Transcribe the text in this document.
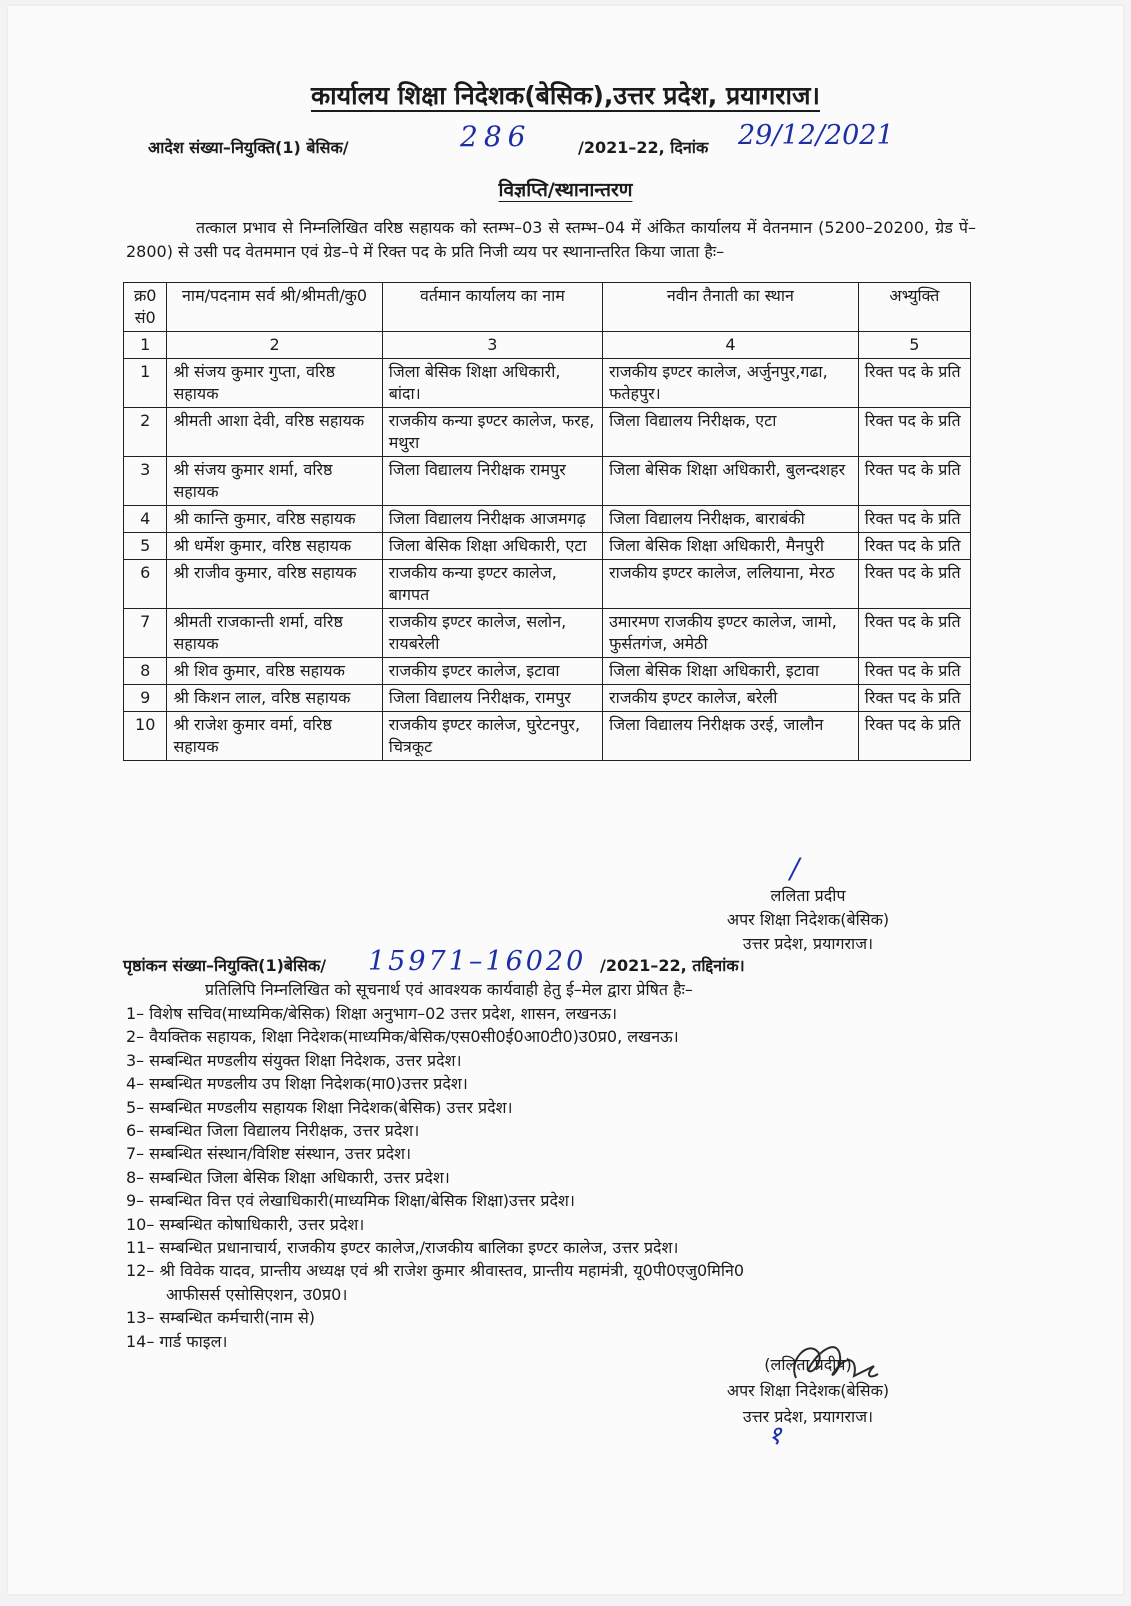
कार्यालय शिक्षा निदेशक(बेसिक),उत्तर प्रदेश, प्रयागराज।
आदेश संख्या–नियुक्ति(1) बेसिक/	286	/2021–22, दिनांक 29/12/2021
विज्ञप्ति/स्थानान्तरण
तत्काल प्रभाव से निम्नलिखित वरिष्ठ सहायक को स्तम्भ–03 से स्तम्भ–04 में अंकित कार्यालय में वेतनमान (5200–20200, ग्रेड पें–2800) से उसी पद वेतममान एवं ग्रेड–पे में रिक्त पद के प्रति निजी व्यय पर स्थानान्तरित किया जाता हैः–
क्र0 सं0	नाम/पदनाम सर्व श्री/श्रीमती/कु0	वर्तमान कार्यालय का नाम	नवीन तैनाती का स्थान	अभ्युक्ति
1	2	3	4	5
1	श्री संजय कुमार गुप्ता, वरिष्ठ सहायक	जिला बेसिक शिक्षा अधिकारी, बांदा।	राजकीय इण्टर कालेज, अर्जुनपुर,गढा, फतेहपुर।	रिक्त पद के प्रति
2	श्रीमती आशा देवी, वरिष्ठ सहायक	राजकीय कन्या इण्टर कालेज, फरह, मथुरा	जिला विद्यालय निरीक्षक, एटा	रिक्त पद के प्रति
3	श्री संजय कुमार शर्मा, वरिष्ठ सहायक	जिला विद्यालय निरीक्षक रामपुर	जिला बेसिक शिक्षा अधिकारी, बुलन्दशहर	रिक्त पद के प्रति
4	श्री कान्ति कुमार, वरिष्ठ सहायक	जिला विद्यालय निरीक्षक आजमगढ़	जिला विद्यालय निरीक्षक, बाराबंकी	रिक्त पद के प्रति
5	श्री धर्मेश कुमार, वरिष्ठ सहायक	जिला बेसिक शिक्षा अधिकारी, एटा	जिला बेसिक शिक्षा अधिकारी, मैनपुरी	रिक्त पद के प्रति
6	श्री राजीव कुमार, वरिष्ठ सहायक	राजकीय कन्या इण्टर कालेज, बागपत	राजकीय इण्टर कालेज, ललियाना, मेरठ	रिक्त पद के प्रति
7	श्रीमती राजकान्ती शर्मा, वरिष्ठ सहायक	राजकीय इण्टर कालेज, सलोन, रायबरेली	उमारमण राजकीय इण्टर कालेज, जामो, फुर्सतगंज, अमेठी	रिक्त पद के प्रति
8	श्री शिव कुमार, वरिष्ठ सहायक	राजकीय इण्टर कालेज, इटावा	जिला बेसिक शिक्षा अधिकारी, इटावा	रिक्त पद के प्रति
9	श्री किशन लाल, वरिष्ठ सहायक	जिला विद्यालय निरीक्षक, रामपुर	राजकीय इण्टर कालेज, बरेली	रिक्त पद के प्रति
10	श्री राजेश कुमार वर्मा, वरिष्ठ सहायक	राजकीय इण्टर कालेज, घुरेटनपुर, चित्रकूट	जिला विद्यालय निरीक्षक उरई, जालौन	रिक्त पद के प्रति
/
ललिता प्रदीप
अपर शिक्षा निदेशक(बेसिक)
उत्तर प्रदेश, प्रयागराज।
पृष्ठांकन संख्या–नियुक्ति(1)बेसिक/ 15971–16020 /2021–22, तद्दिनांक।
प्रतिलिपि निम्नलिखित को सूचनार्थ एवं आवश्यक कार्यवाही हेतु ई–मेल द्वारा प्रेषित हैः–
1– विशेष सचिव(माध्यमिक/बेसिक) शिक्षा अनुभाग–02 उत्तर प्रदेश, शासन, लखनऊ।
2– वैयक्तिक सहायक, शिक्षा निदेशक(माध्यमिक/बेसिक/एस0सी0ई0आ0टी0)उ0प्र0, लखनऊ।
3– सम्बन्धित मण्डलीय संयुक्त शिक्षा निदेशक, उत्तर प्रदेश।
4– सम्बन्धित मण्डलीय उप शिक्षा निदेशक(मा0)उत्तर प्रदेश।
5– सम्बन्धित मण्डलीय सहायक शिक्षा निदेशक(बेसिक) उत्तर प्रदेश।
6– सम्बन्धित जिला विद्यालय निरीक्षक, उत्तर प्रदेश।
7– सम्बन्धित संस्थान/विशिष्ट संस्थान, उत्तर प्रदेश।
8– सम्बन्धित जिला बेसिक शिक्षा अधिकारी, उत्तर प्रदेश।
9– सम्बन्धित वित्त एवं लेखाधिकारी(माध्यमिक शिक्षा/बेसिक शिक्षा)उत्तर प्रदेश।
10– सम्बन्धित कोषाधिकारी, उत्तर प्रदेश।
11– सम्बन्धित प्रधानाचार्य, राजकीय इण्टर कालेज,/राजकीय बालिका इण्टर कालेज, उत्तर प्रदेश।
12– श्री विवेक यादव, प्रान्तीय अध्यक्ष एवं श्री राजेश कुमार श्रीवास्तव, प्रान्तीय महामंत्री, यू0पी0एजु0मिनि0
आफीसर्स एसोसिएशन, उ0प्र0।
13– सम्बन्धित कर्मचारी(नाम से)
14– गार्ड फाइल।
(ललिता प्रदीप)
अपर शिक्षा निदेशक(बेसिक)
उत्तर प्रदेश, प्रयागराज।
१
